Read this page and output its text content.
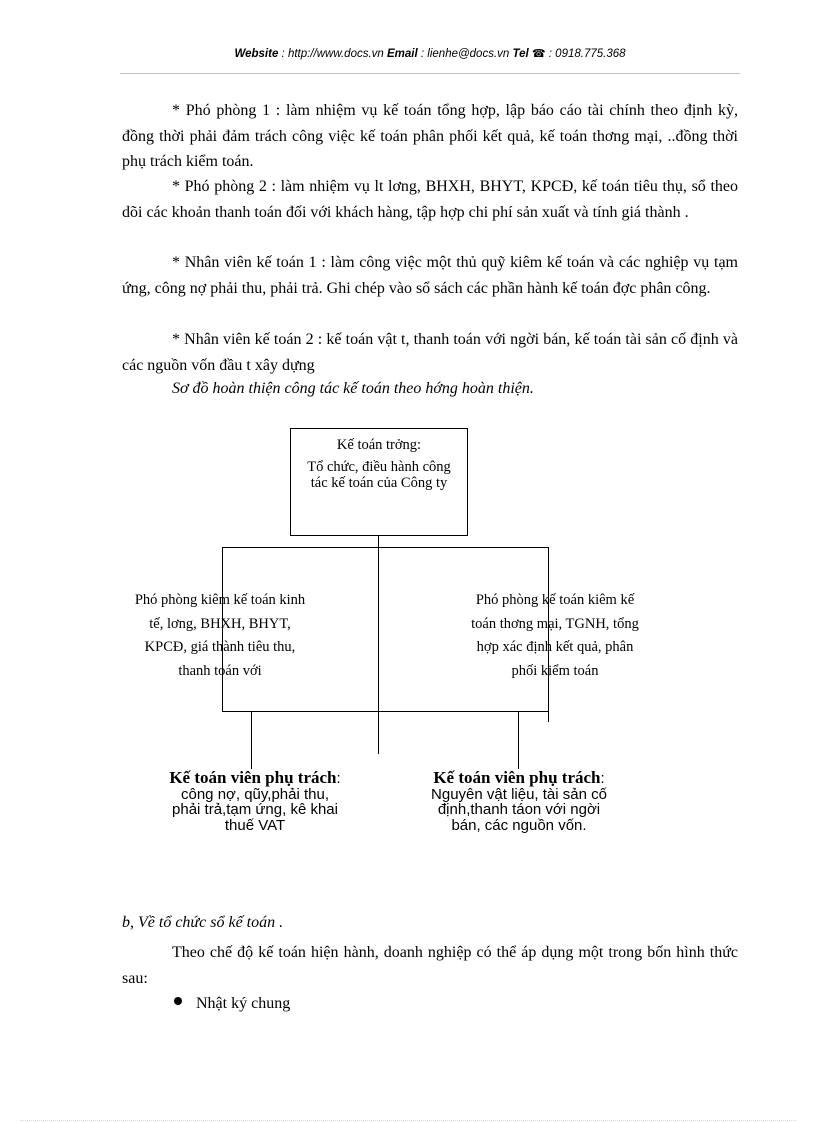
Website : http://www.docs.vn Email : lienhe@docs.vn Tel ☎ : 0918.775.368
* Phó phòng 1 : làm nhiệm vụ kế toán tổng hợp, lập báo cáo tài chính theo định kỳ, đồng thời phải đảm trách công việc kế toán phân phối kết quả, kế toán thơng mại, ..đồng thời phụ trách kiểm toán.
* Phó phòng 2 : làm nhiệm vụ lt lơng, BHXH, BHYT, KPCĐ, kế toán tiêu thụ, sổ theo dõi các khoản thanh toán đối với khách hàng, tập hợp chi phí sản xuất và tính giá thành .
* Nhân viên kế toán 1 : làm công việc một thủ quỹ kiêm kế toán và các nghiệp vụ tạm ứng, công nợ phải thu, phải trả. Ghi chép vào sổ sách các phần hành kế toán đợc phân công.
* Nhân viên kế toán 2 : kế toán vật t, thanh toán với ngời bán, kế toán tài sản cố định và các nguồn vốn đầu t xây dựng
Sơ đồ hoàn thiện công tác kế toán theo hớng hoàn thiện.
Kế toán trởng:
Tổ chức, điều hành công tác kế toán của Công ty
Phó phòng kiêm kế toán kinh tế, lơng, BHXH, BHYT, KPCĐ, giá thành tiêu thu, thanh toán với
Phó phòng kế toán kiêm kế toán thơng mại, TGNH, tổng hợp xác định kết quả, phân phối kiểm toán
Kế toán viên phụ trách: công nợ, qũy,phải thu, phải trả,tạm ứng, kê khai thuế VAT
Kế toán viên phụ trách: Nguyên vật liệu, tài sản cố định,thanh táon với ngời bán, các nguồn vốn.
b, Về tổ chức sổ kế toán .
Theo chế độ kế toán hiện hành, doanh nghiệp có thể áp dụng một trong bốn hình thức sau:
Nhật ký chung
